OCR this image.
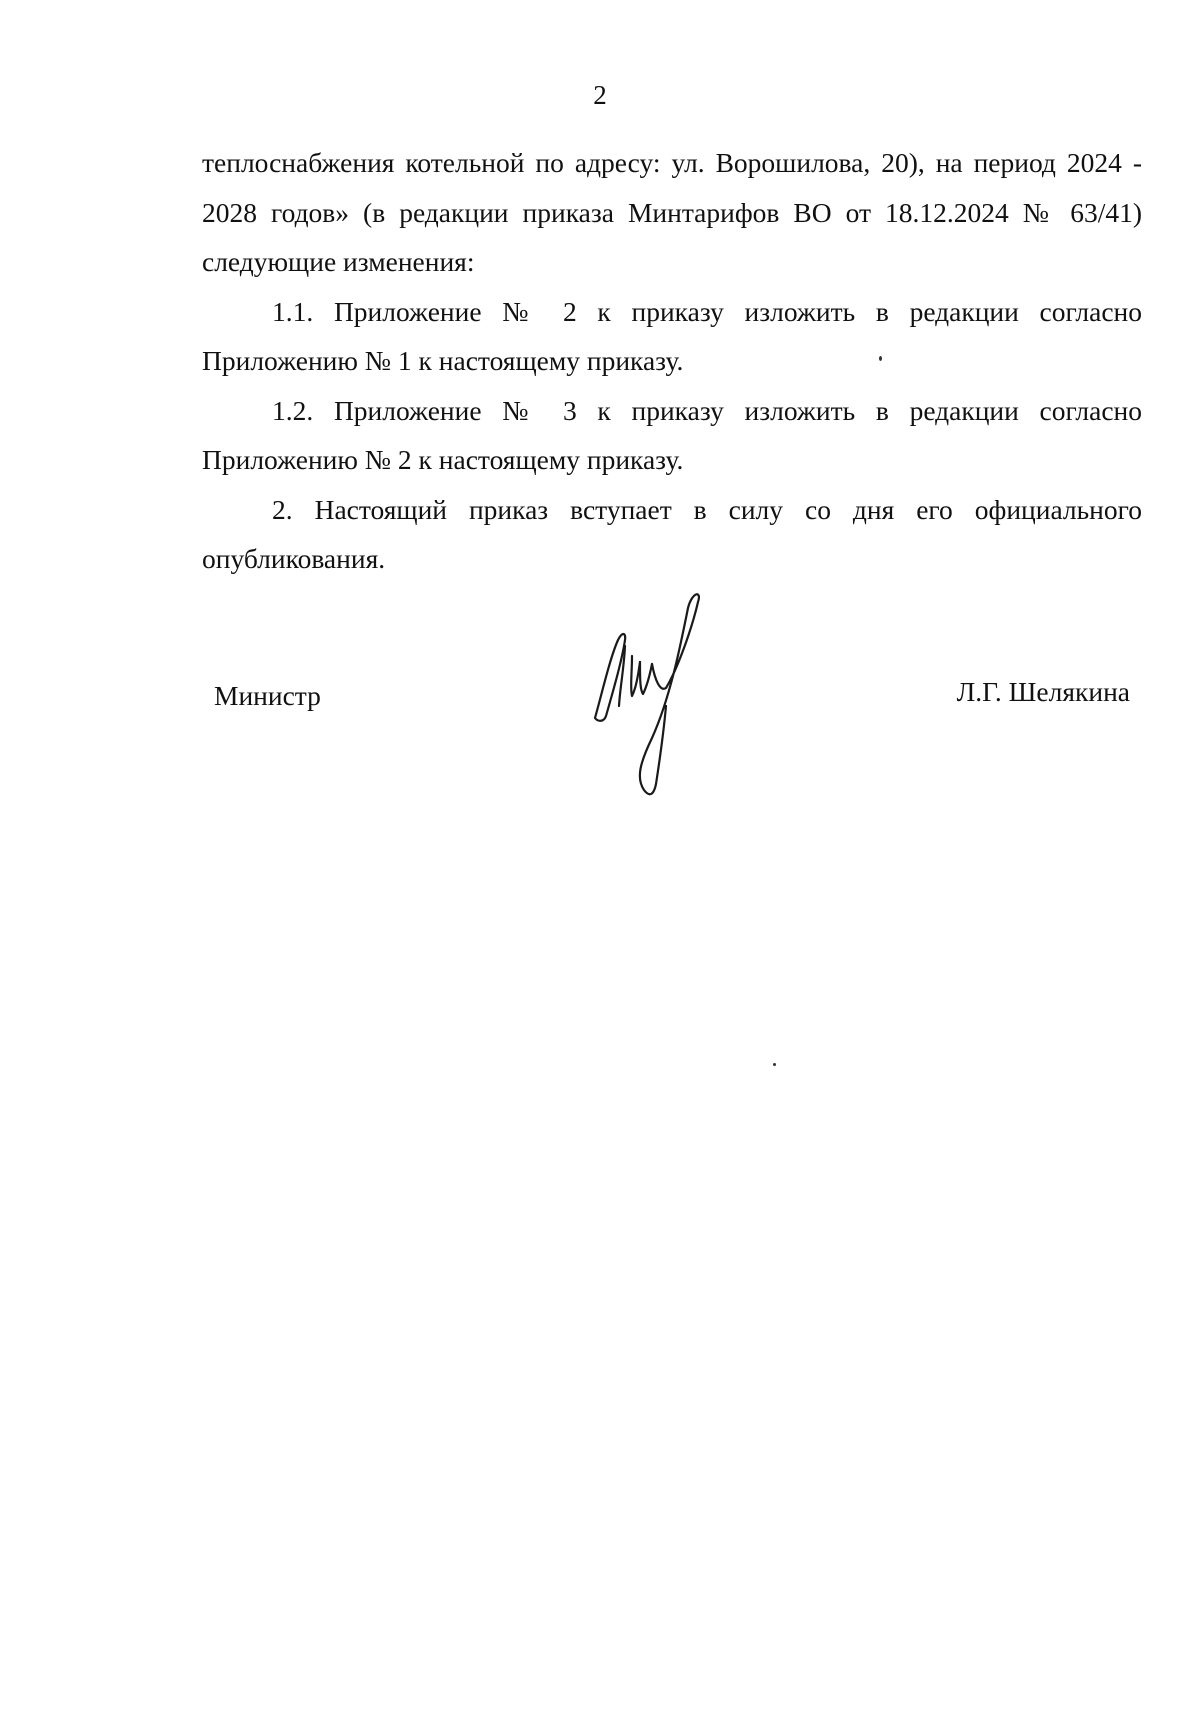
2

теплоснабжения котельной по адресу: ул. Ворошилова, 20), на период 2024 - 2028 годов» (в редакции приказа Минтарифов ВО от 18.12.2024 № 63/41) следующие изменения:

1.1. Приложение № 2 к приказу изложить в редакции согласно Приложению № 1 к настоящему приказу.

1.2. Приложение № 3 к приказу изложить в редакции согласно Приложению № 2 к настоящему приказу.

2. Настоящий приказ вступает в силу со дня его официального опубликования.

Министр	Л.Г. Шелякина
